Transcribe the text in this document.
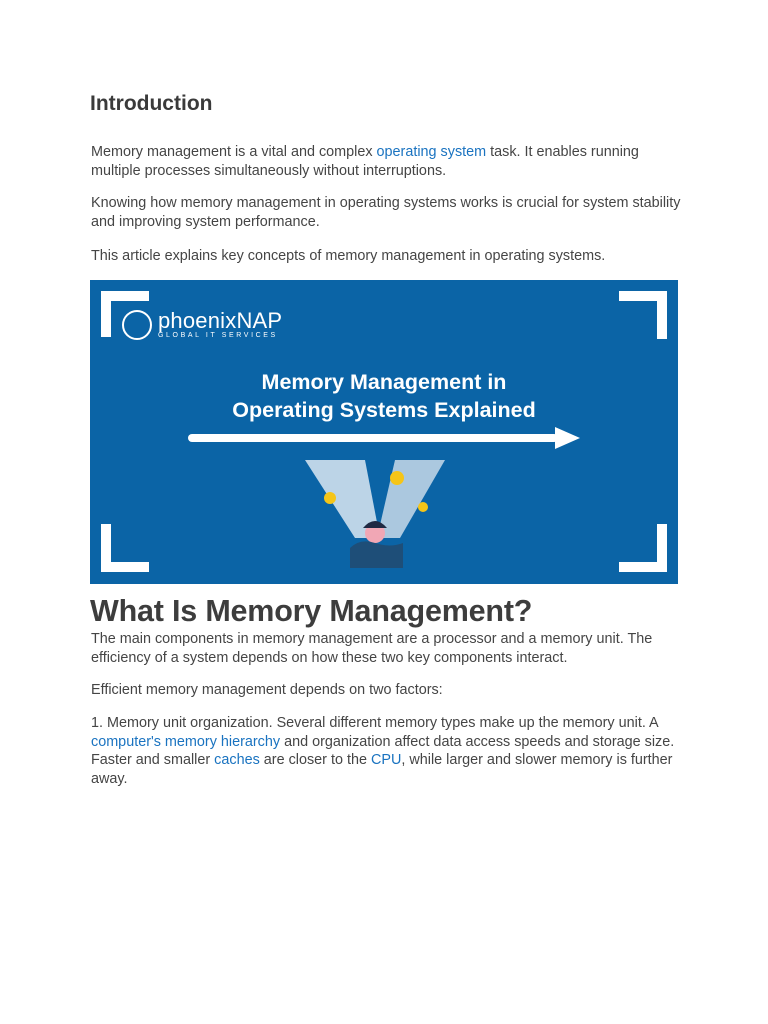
Introduction

Memory management is a vital and complex operating system task. It enables running multiple processes simultaneously without interruptions.

Knowing how memory management in operating systems works is crucial for system stability and improving system performance.

This article explains key concepts of memory management in operating systems.

phoenixNAP
GLOBAL IT SERVICES
Memory Management in
Operating Systems Explained
What Is Memory Management?

The main components in memory management are a processor and a memory unit. The efficiency of a system depends on how these two key components interact.

Efficient memory management depends on two factors:

1. Memory unit organization. Several different memory types make up the memory unit. A computer's memory hierarchy and organization affect data access speeds and storage size. Faster and smaller caches are closer to the CPU, while larger and slower memory is further away.
